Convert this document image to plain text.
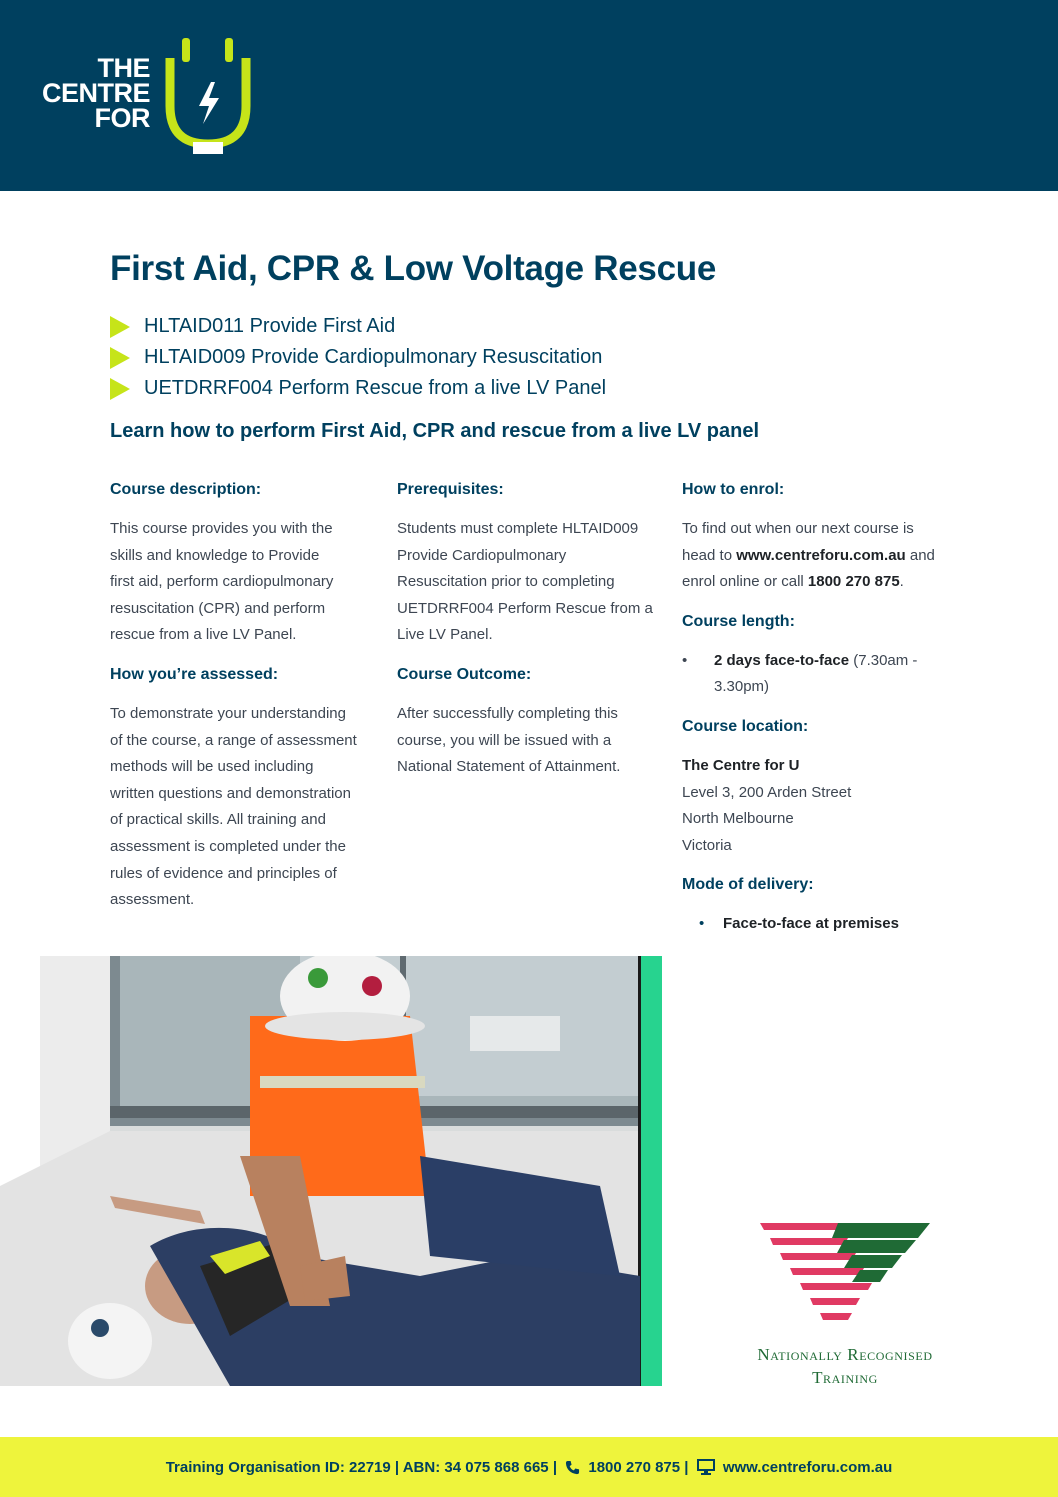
THE
CENTRE
FOR
First Aid, CPR & Low Voltage Rescue
HLTAID011 Provide First Aid
HLTAID009 Provide Cardiopulmonary Resuscitation
UETDRRF004 Perform Rescue from a live LV Panel
Learn how to perform First Aid, CPR and rescue from a live LV panel
Course description:
This course provides you with the
skills and knowledge to Provide
first aid, perform cardiopulmonary
resuscitation (CPR) and perform
rescue from a live LV Panel.
How you’re assessed:
To demonstrate your understanding
of the course, a range of assessment
methods will be used including
written questions and demonstration
of practical skills. All training and
assessment is completed under the
rules of evidence and principles of
assessment.
Prerequisites:
Students must complete HLTAID009
Provide Cardiopulmonary
Resuscitation prior to completing
UETDRRF004 Perform Rescue from a
Live LV Panel.
Course Outcome:
After successfully completing this
course, you will be issued with a
National Statement of Attainment.
How to enrol:
To find out when our next course is
head to www.centreforu.com.au and
enrol online or call 1800 270 875.
Course length:
• 2 days face-to-face (7.30am -
3.30pm)
Course location:
The Centre for U
Level 3, 200 Arden Street
North Melbourne
Victoria
Mode of delivery:
• Face-to-face at premises
Nationally Recognised
Training
Training Organisation ID: 22719 | ABN: 34 075 868 665 | 1800 270 875 | www.centreforu.com.au
